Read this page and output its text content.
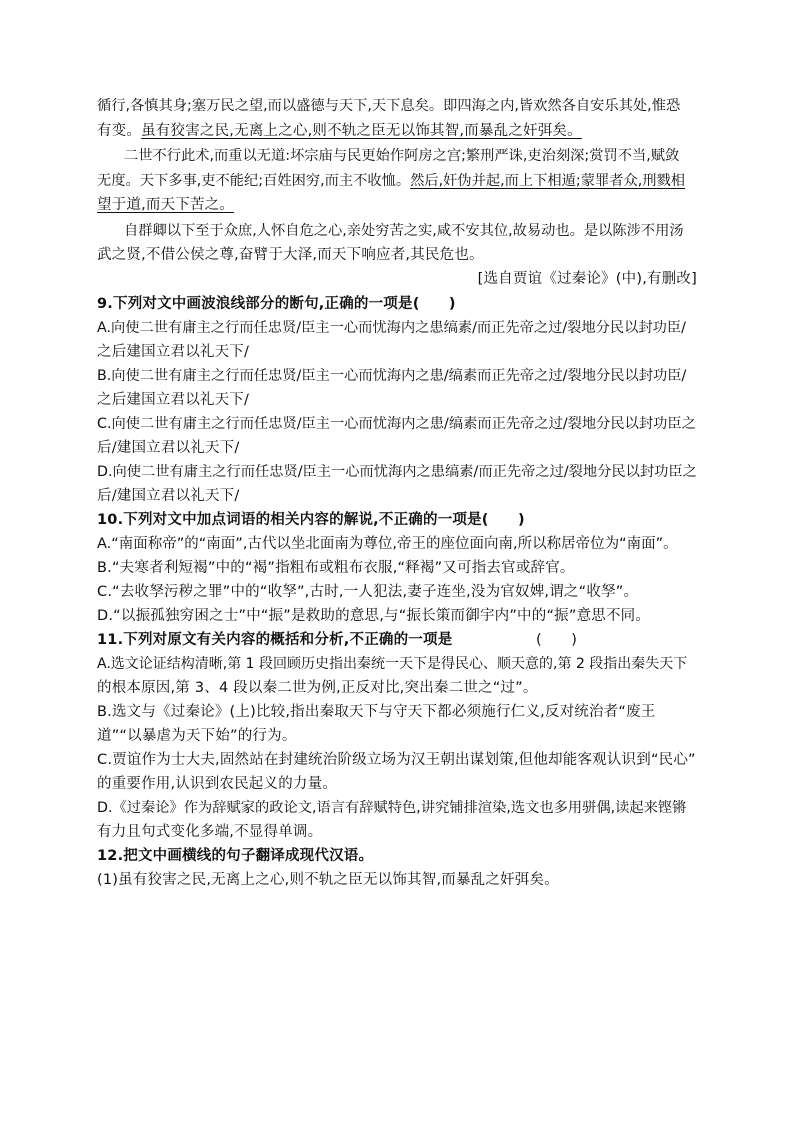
循行,各慎其身;塞万民之望,而以盛德与天下,天下息矣。即四海之内,皆欢然各自安乐其处,惟恐
有变。虽有狡害之民,无离上之心,则不轨之臣无以饰其智,而暴乱之奸弭矣。
二世不行此术,而重以无道:坏宗庙与民更始作阿房之宫;繁刑严诛,吏治刻深;赏罚不当,赋敛
无度。天下多事,吏不能纪;百姓困穷,而主不收恤。然后,奸伪并起,而上下相遁;蒙罪者众,刑戮相
望于道,而天下苦之。
自群卿以下至于众庶,人怀自危之心,亲处穷苦之实,咸不安其位,故易动也。是以陈涉不用汤
武之贤,不借公侯之尊,奋臂于大泽,而天下响应者,其民危也。
[选自贾谊《过秦论》(中),有删改]
9.下列对文中画波浪线部分的断句,正确的一项是(　　)
A.向使二世有庸主之行而任忠贤/臣主一心而忧海内之患缟素/而正先帝之过/裂地分民以封功臣/
之后建国立君以礼天下/
B.向使二世有庸主之行而任忠贤/臣主一心而忧海内之患/缟素而正先帝之过/裂地分民以封功臣/
之后建国立君以礼天下/
C.向使二世有庸主之行而任忠贤/臣主一心而忧海内之患/缟素而正先帝之过/裂地分民以封功臣之
后/建国立君以礼天下/
D.向使二世有庸主之行而任忠贤/臣主一心而忧海内之患缟素/而正先帝之过/裂地分民以封功臣之
后/建国立君以礼天下/
10.下列对文中加点词语的相关内容的解说,不正确的一项是(　　)
A.“南面称帝”的“南面”,古代以坐北面南为尊位,帝王的座位面向南,所以称居帝位为“南面”。
B.“夫寒者利短褐”中的“褐”指粗布或粗布衣服,“释褐”又可指去官或辞官。
C.“去收孥污秽之罪”中的“收孥”,古时,一人犯法,妻子连坐,没为官奴婢,谓之“收孥”。
D.“以振孤独穷困之士”中“振”是救助的意思,与“振长策而御宇内”中的“振”意思不同。
11.下列对原文有关内容的概括和分析,不正确的一项是	(　　)
A.选文论证结构清晰,第 1 段回顾历史指出秦统一天下是得民心、顺天意的,第 2 段指出秦失天下
的根本原因,第 3、4 段以秦二世为例,正反对比,突出秦二世之“过”。
B.选文与《过秦论》(上)比较,指出秦取天下与守天下都必须施行仁义,反对统治者“废王
道”“以暴虐为天下始”的行为。
C.贾谊作为士大夫,固然站在封建统治阶级立场为汉王朝出谋划策,但他却能客观认识到“民心”
的重要作用,认识到农民起义的力量。
D.《过秦论》作为辞赋家的政论文,语言有辞赋特色,讲究铺排渲染,选文也多用骈偶,读起来铿锵
有力且句式变化多端,不显得单调。
12.把文中画横线的句子翻译成现代汉语。
(1)虽有狡害之民,无离上之心,则不轨之臣无以饰其智,而暴乱之奸弭矣。
